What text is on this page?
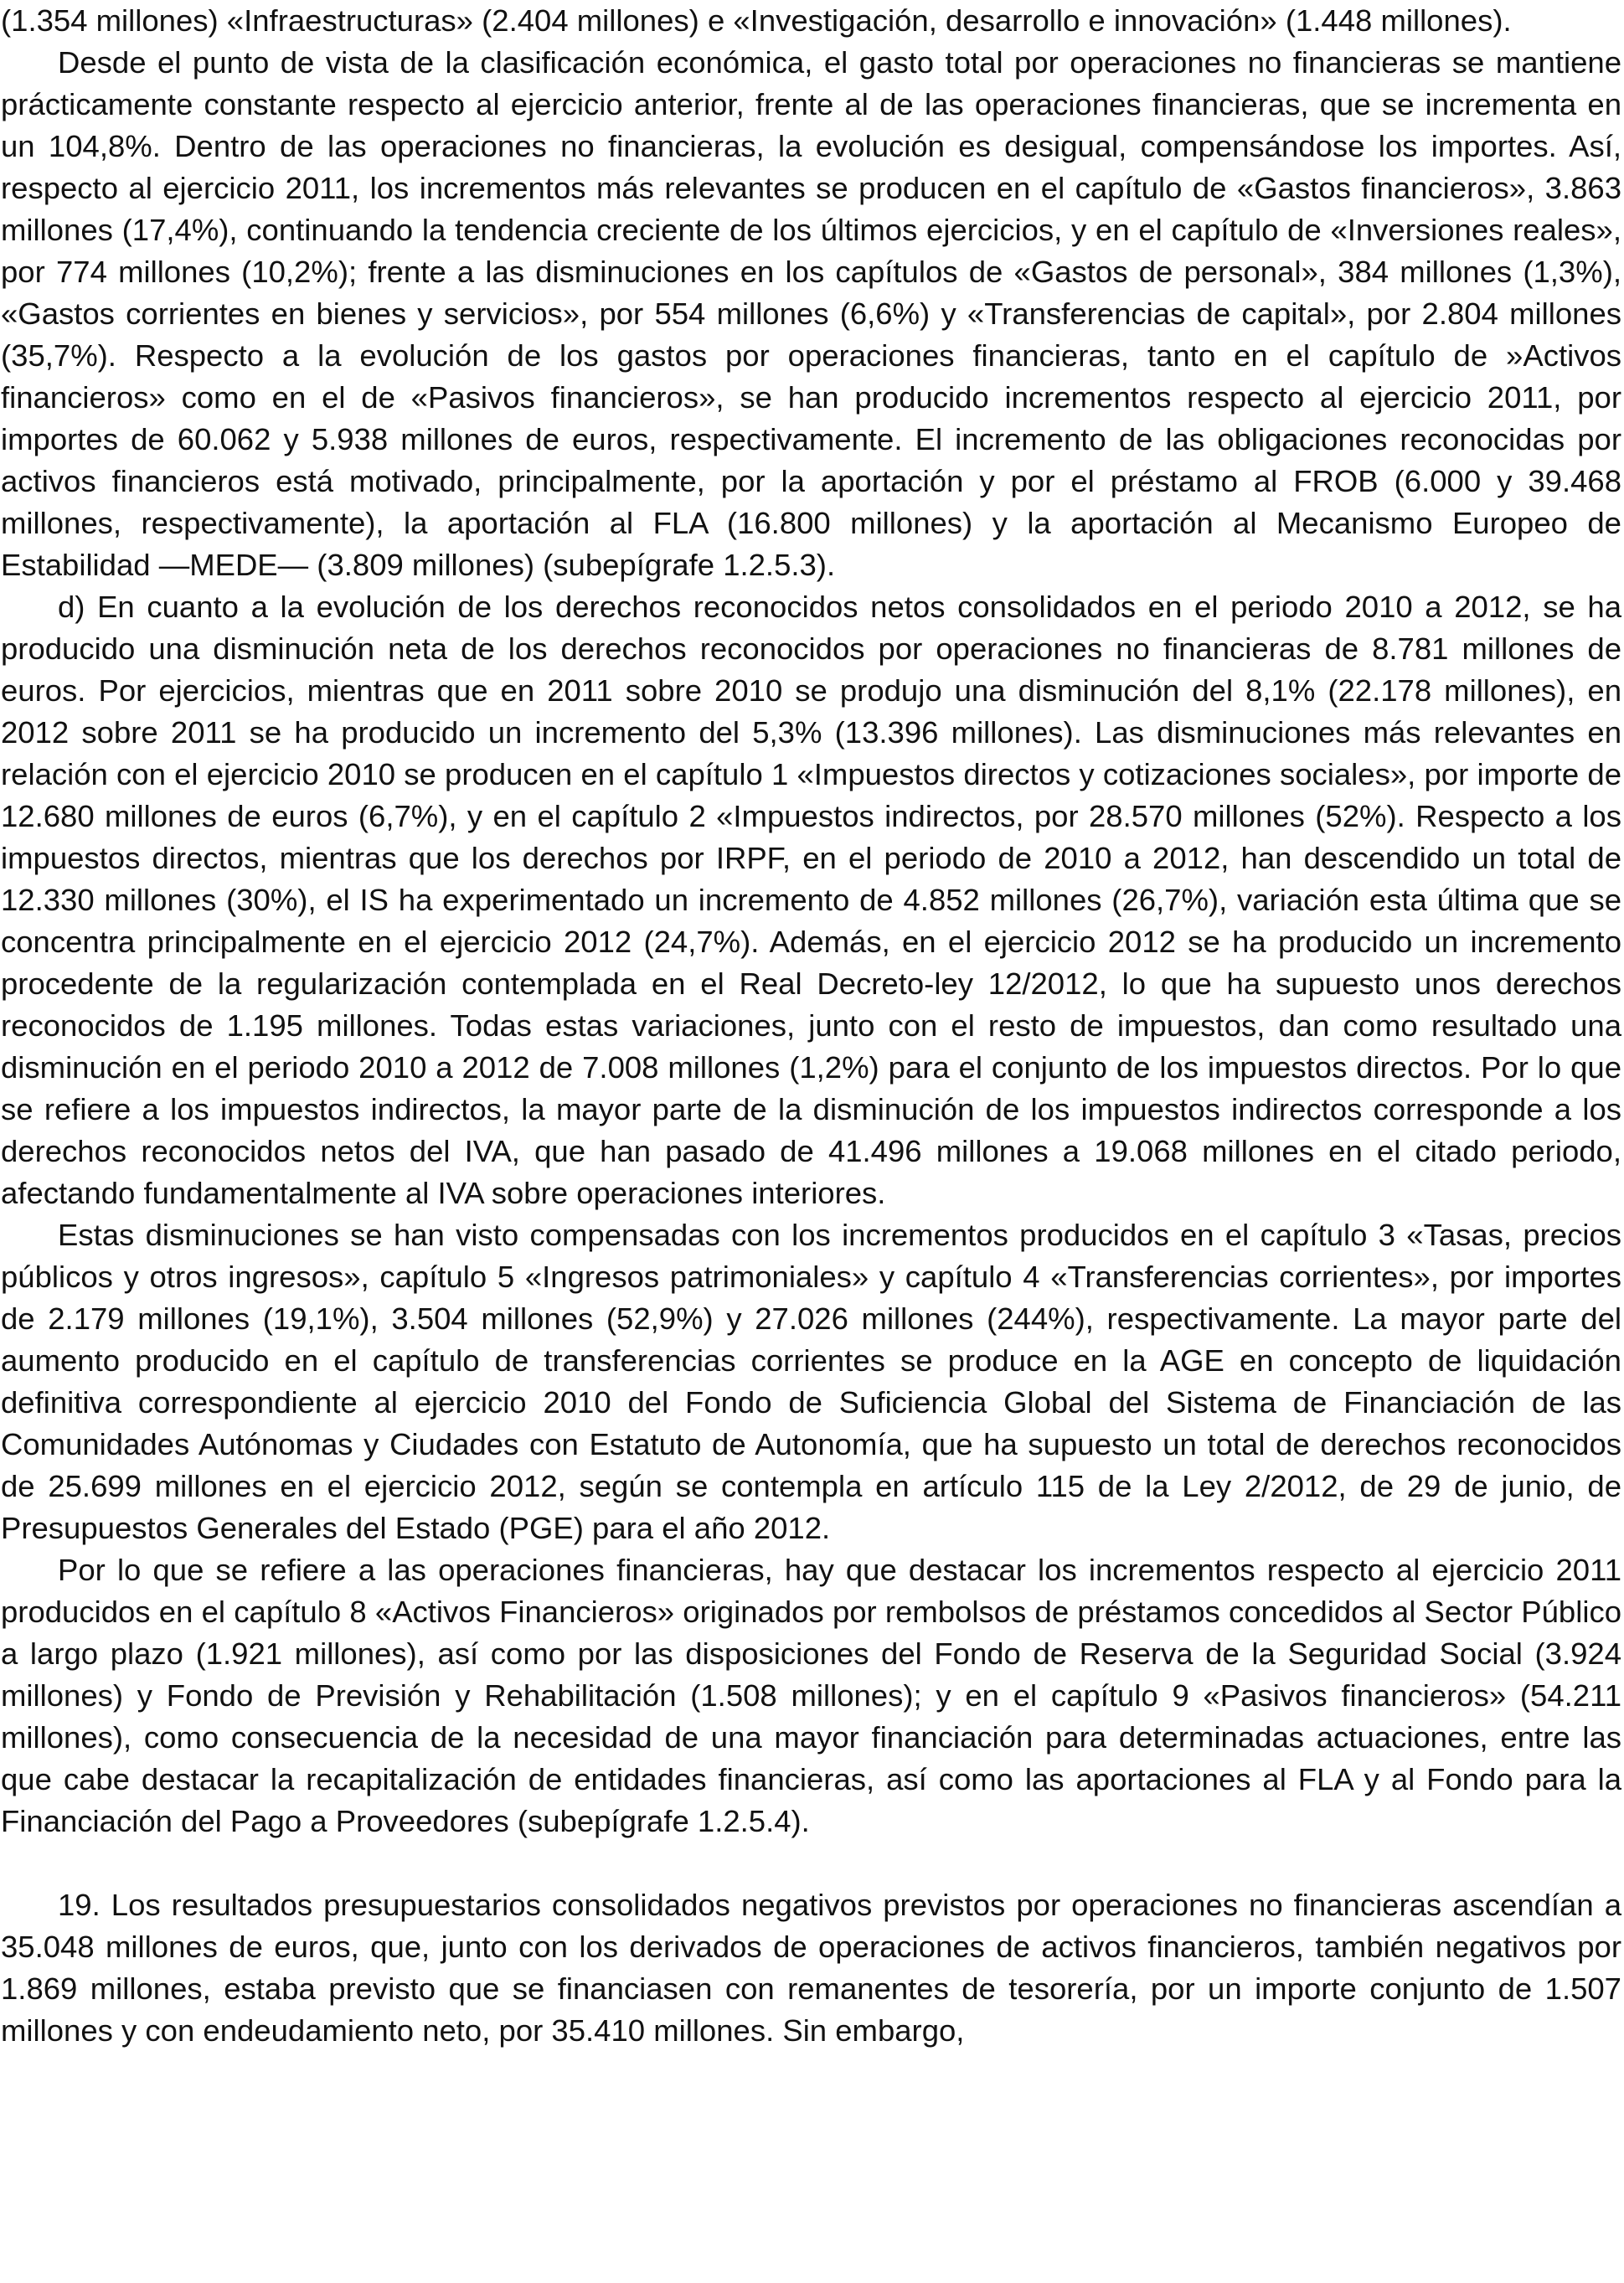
(1.354 millones) «Infraestructuras» (2.404 millones) e «Investigación, desarrollo e innovación» (1.448 millones).

Desde el punto de vista de la clasificación económica, el gasto total por operaciones no financieras se mantiene prácticamente constante respecto al ejercicio anterior, frente al de las operaciones financieras, que se incrementa en un 104,8%. Dentro de las operaciones no financieras, la evolución es desigual, compensándose los importes. Así, respecto al ejercicio 2011, los incrementos más relevantes se producen en el capítulo de «Gastos financieros», 3.863 millones (17,4%), continuando la tendencia creciente de los últimos ejercicios, y en el capítulo de «Inversiones reales», por 774 millones (10,2%); frente a las disminuciones en los capítulos de «Gastos de personal», 384 millones (1,3%), «Gastos corrientes en bienes y servicios», por 554 millones (6,6%) y «Transferencias de capital», por 2.804 millones (35,7%). Respecto a la evolución de los gastos por operaciones financieras, tanto en el capítulo de »Activos financieros» como en el de «Pasivos financieros», se han producido incrementos respecto al ejercicio 2011, por importes de 60.062 y 5.938 millones de euros, respectivamente. El incremento de las obligaciones reconocidas por activos financieros está motivado, principalmente, por la aportación y por el préstamo al FROB (6.000 y 39.468 millones, respectivamente), la aportación al FLA (16.800 millones) y la aportación al Mecanismo Europeo de Estabilidad —MEDE— (3.809 millones) (subepígrafe 1.2.5.3).

d) En cuanto a la evolución de los derechos reconocidos netos consolidados en el periodo 2010 a 2012, se ha producido una disminución neta de los derechos reconocidos por operaciones no financieras de 8.781 millones de euros. Por ejercicios, mientras que en 2011 sobre 2010 se produjo una disminución del 8,1% (22.178 millones), en 2012 sobre 2011 se ha producido un incremento del 5,3% (13.396 millones). Las disminuciones más relevantes en relación con el ejercicio 2010 se producen en el capítulo 1 «Impuestos directos y cotizaciones sociales», por importe de 12.680 millones de euros (6,7%), y en el capítulo 2 «Impuestos indirectos, por 28.570 millones (52%). Respecto a los impuestos directos, mientras que los derechos por IRPF, en el periodo de 2010 a 2012, han descendido un total de 12.330 millones (30%), el IS ha experimentado un incremento de 4.852 millones (26,7%), variación esta última que se concentra principalmente en el ejercicio 2012 (24,7%). Además, en el ejercicio 2012 se ha producido un incremento procedente de la regularización contemplada en el Real Decreto-ley 12/2012, lo que ha supuesto unos derechos reconocidos de 1.195 millones. Todas estas variaciones, junto con el resto de impuestos, dan como resultado una disminución en el periodo 2010 a 2012 de 7.008 millones (1,2%) para el conjunto de los impuestos directos. Por lo que se refiere a los impuestos indirectos, la mayor parte de la disminución de los impuestos indirectos corresponde a los derechos reconocidos netos del IVA, que han pasado de 41.496 millones a 19.068 millones en el citado periodo, afectando fundamentalmente al IVA sobre operaciones interiores.

Estas disminuciones se han visto compensadas con los incrementos producidos en el capítulo 3 «Tasas, precios públicos y otros ingresos», capítulo 5 «Ingresos patrimoniales» y capítulo 4 «Transferencias corrientes», por importes de 2.179 millones (19,1%), 3.504 millones (52,9%) y 27.026 millones (244%), respectivamente. La mayor parte del aumento producido en el capítulo de transferencias corrientes se produce en la AGE en concepto de liquidación definitiva correspondiente al ejercicio 2010 del Fondo de Suficiencia Global del Sistema de Financiación de las Comunidades Autónomas y Ciudades con Estatuto de Autonomía, que ha supuesto un total de derechos reconocidos de 25.699 millones en el ejercicio 2012, según se contempla en artículo 115 de la Ley 2/2012, de 29 de junio, de Presupuestos Generales del Estado (PGE) para el año 2012.

Por lo que se refiere a las operaciones financieras, hay que destacar los incrementos respecto al ejercicio 2011 producidos en el capítulo 8 «Activos Financieros» originados por rembolsos de préstamos concedidos al Sector Público a largo plazo (1.921 millones), así como por las disposiciones del Fondo de Reserva de la Seguridad Social (3.924 millones) y Fondo de Previsión y Rehabilitación (1.508 millones); y en el capítulo 9 «Pasivos financieros» (54.211 millones), como consecuencia de la necesidad de una mayor financiación para determinadas actuaciones, entre las que cabe destacar la recapitalización de entidades financieras, así como las aportaciones al FLA y al Fondo para la Financiación del Pago a Proveedores (subepígrafe 1.2.5.4).

19. Los resultados presupuestarios consolidados negativos previstos por operaciones no financieras ascendían a 35.048 millones de euros, que, junto con los derivados de operaciones de activos financieros, también negativos por 1.869 millones, estaba previsto que se financiasen con remanentes de tesorería, por un importe conjunto de 1.507 millones y con endeudamiento neto, por 35.410 millones. Sin embargo,
